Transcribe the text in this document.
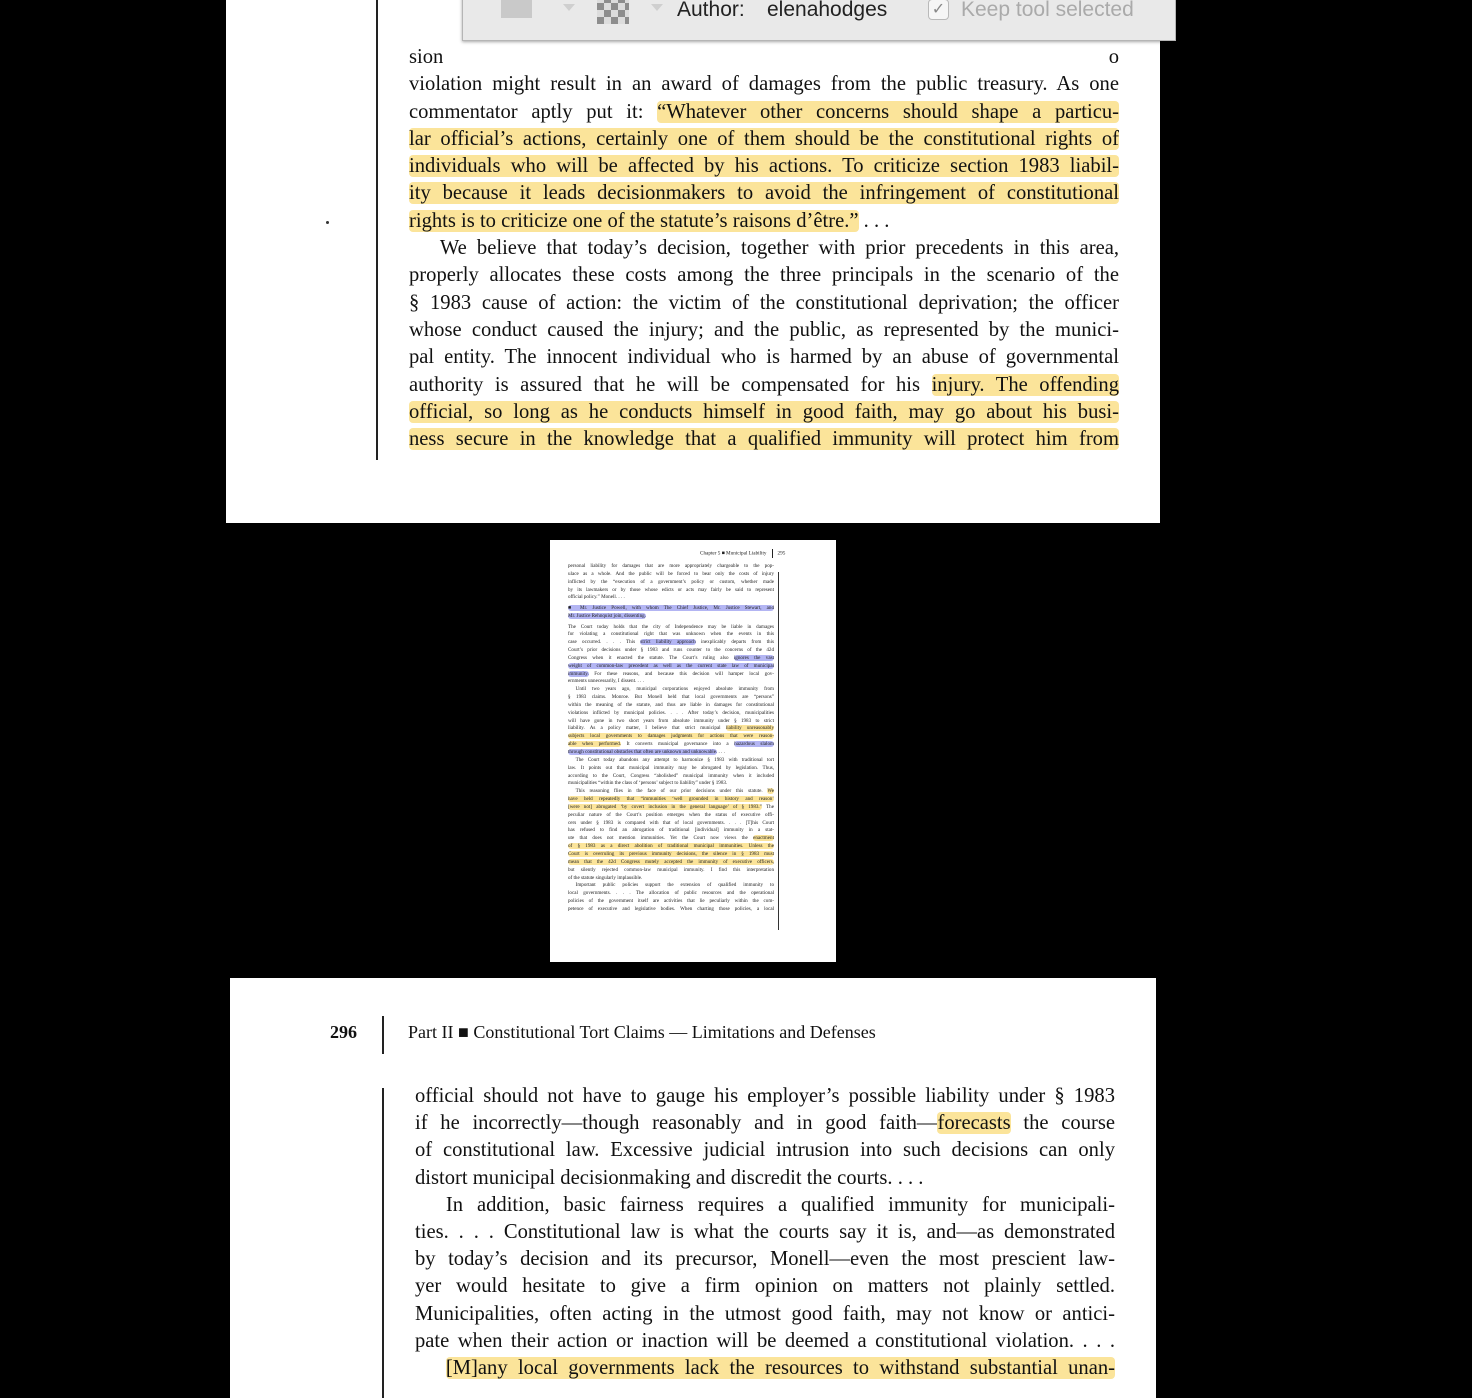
sion o
violation might result in an award of damages from the public treasury. As one
commentator aptly put it: “Whatever other concerns should shape a particu-
lar official’s actions, certainly one of them should be the constitutional rights of
individuals who will be affected by his actions. To criticize section 1983 liabil-
ity because it leads decisionmakers to avoid the infringement of constitutional
rights is to criticize one of the statute’s raisons d’être.” . . .
We believe that today’s decision, together with prior precedents in this area,
properly allocates these costs among the three principals in the scenario of the
§ 1983 cause of action: the victim of the constitutional deprivation; the officer
whose conduct caused the injury; and the public, as represented by the munici-
pal entity. The innocent individual who is harmed by an abuse of governmental
authority is assured that he will be compensated for his injury. The offending
official, so long as he conducts himself in good faith, may go about his busi-
ness secure in the knowledge that a qualified immunity will protect him from
Chapter 5 ■ Municipal Liability 295
personal liability for damages that are more appropriately chargeable to the pop-
ulace as a whole. And the public will be forced to bear only the costs of injury
inflicted by the “execution of a government’s policy or custom, whether made
by its lawmakers or by those whose edicts or acts may fairly be said to represent
official policy.” Monell. . . .
■ Mr. Justice Powell, with whom The Chief Justice, Mr. Justice Stewart, and
Mr. Justice Rehnquist join, dissenting.
The Court today holds that the city of Independence may be liable in damages
for violating a constitutional right that was unknown when the events in this
case occurred. . . . This strict liability approach inexplicably departs from this
Court’s prior decisions under § 1983 and runs counter to the concerns of the 42d
Congress when it enacted the statute. The Court’s ruling also ignores the vast
weight of common-law precedent as well as the current state law of municipal
immunity. For these reasons, and because this decision will hamper local gov-
ernments unnecessarily, I dissent. . . .
Until two years ago, municipal corporations enjoyed absolute immunity from
§ 1983 claims. Monroe. But Monell held that local governments are “persons”
within the meaning of the statute, and thus are liable in damages for constitutional
violations inflicted by municipal policies. . . . After today’s decision, municipalities
will have gone in two short years from absolute immunity under § 1983 to strict
liability. As a policy matter, I believe that strict municipal liability unreasonably
subjects local governments to damages judgments for actions that were reason-
able when performed. It converts municipal governance into a hazardous slalom
through constitutional obstacles that often are unknown and unknowable. . . .
The Court today abandons any attempt to harmonize § 1983 with traditional tort
law. It points out that municipal immunity may be abrogated by legislation. Thus,
according to the Court, Congress “abolished” municipal immunity when it included
municipalities “within the class of ‘persons’ subject to liability” under § 1983.
This reasoning flies in the face of our prior decisions under this statute. We
have held repeatedly that “immunities ‘well grounded in history and reason’
[were not] abrogated ‘by covert inclusion in the general language’ of § 1983.” The
peculiar nature of the Court’s position emerges when the status of executive offi-
cers under § 1983 is compared with that of local governments. . . . [T]his Court
has refused to find an abrogation of traditional [individual] immunity in a stat-
ute that does not mention immunities. Yet the Court now views the enactment
of § 1983 as a direct abolition of traditional municipal immunities. Unless the
Court is overruling its previous immunity decisions, the silence in § 1983 must
mean that the 42d Congress mutely accepted the immunity of executive officers,
but silently rejected common-law municipal immunity. I find this interpretation
of the statute singularly implausible.
Important public policies support the extension of qualified immunity to
local governments. . . . The allocation of public resources and the operational
policies of the government itself are activities that lie peculiarly within the com-
petence of executive and legislative bodies. When charting those policies, a local
296	Part II ■ Constitutional Tort Claims — Limitations and Defenses
official should not have to gauge his employer’s possible liability under § 1983
if he incorrectly—though reasonably and in good faith—forecasts the course
of constitutional law. Excessive judicial intrusion into such decisions can only
distort municipal decisionmaking and discredit the courts. . . .
In addition, basic fairness requires a qualified immunity for municipali-
ties. . . . Constitutional law is what the courts say it is, and—as demonstrated
by today’s decision and its precursor, Monell—even the most prescient law-
yer would hesitate to give a firm opinion on matters not plainly settled.
Municipalities, often acting in the utmost good faith, may not know or antici-
pate when their action or inaction will be deemed a constitutional violation. . . .
[M]any local governments lack the resources to withstand substantial unan-
Author: elenahodges	✓ Keep tool selected
